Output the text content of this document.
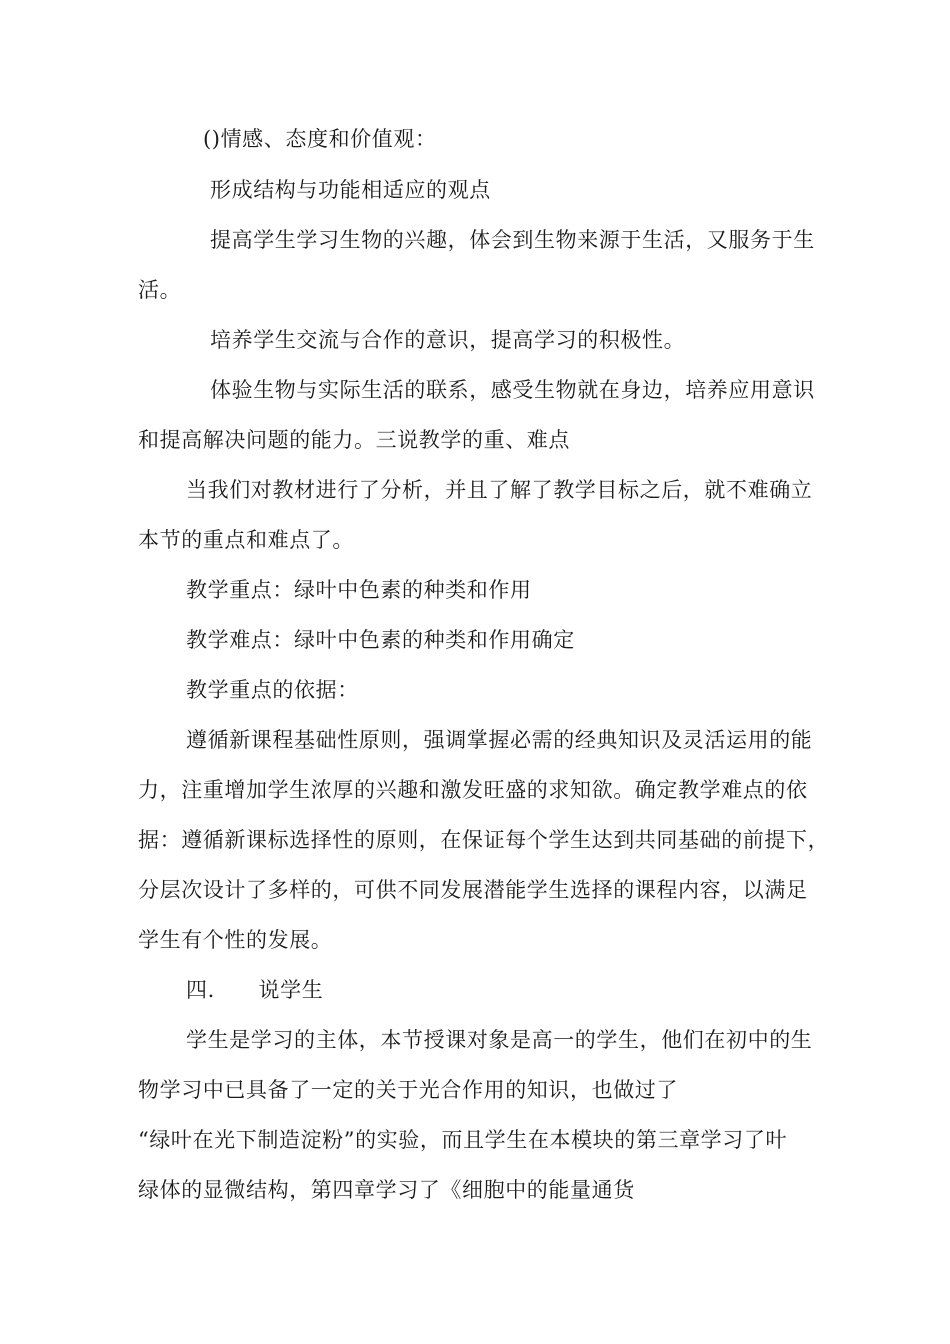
()情感、态度和价值观：
形成结构与功能相适应的观点
提高学生学习生物的兴趣，体会到生物来源于生活，又服务于生
活。
培养学生交流与合作的意识，提高学习的积极性。
体验生物与实际生活的联系，感受生物就在身边，培养应用意识
和提高解决问题的能力。三说教学的重、难点
当我们对教材进行了分析，并且了解了教学目标之后，就不难确立
本节的重点和难点了。
教学重点：绿叶中色素的种类和作用
教学难点：绿叶中色素的种类和作用确定
教学重点的依据：
遵循新课程基础性原则，强调掌握必需的经典知识及灵活运用的能
力，注重增加学生浓厚的兴趣和激发旺盛的求知欲。确定教学难点的依
据：遵循新课标选择性的原则，在保证每个学生达到共同基础的前提下，
分层次设计了多样的，可供不同发展潜能学生选择的课程内容，以满足
学生有个性的发展。
四.      说学生
学生是学习的主体，本节授课对象是高一的学生，他们在初中的生
物学习中已具备了一定的关于光合作用的知识，也做过了
“绿叶在光下制造淀粉”的实验，而且学生在本模块的第三章学习了叶
绿体的显微结构，第四章学习了《细胞中的能量通货
